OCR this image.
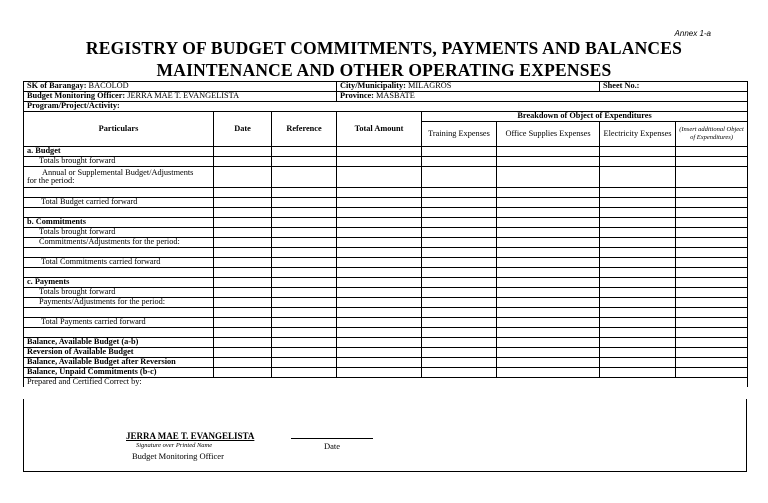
Annex 1-a
REGISTRY OF BUDGET COMMITMENTS, PAYMENTS AND BALANCES
MAINTENANCE AND OTHER OPERATING EXPENSES
SK of Barangay: BACOLOD			City/Municipality: MILAGROS			Sheet No.:	
Budget Monitoring Officer: JERRA MAE T. EVANGELISTA			Province: MASBATE				
Program/Project/Activity:							
Particulars	Date	Reference	Total Amount	Breakdown of Object of Expenditures			
				Training Expenses	Office Supplies Expenses	Electricity Expenses	(Insert additional Object of Expenditures)
a. Budget							
Totals brought forward							
Annual or Supplemental Budget/Adjustments
for the period:							

Total Budget carried forward							

b. Commitments							
Totals brought forward							
Commitments/Adjustments for the period:							

Total Commitments carried forward							

c. Payments							
Totals brought forward							
Payments/Adjustments for the period:							

Total Payments carried forward							

Balance, Available Budget (a-b)							
Reversion of Available Budget							
Balance, Available Budget after Reversion							
Balance, Unpaid Commitments (b-c)							
Prepared and Certified Correct by:							
JERRA MAE T. EVANGELISTA
Signature over Printed Name
Budget Monitoring Officer
Date
